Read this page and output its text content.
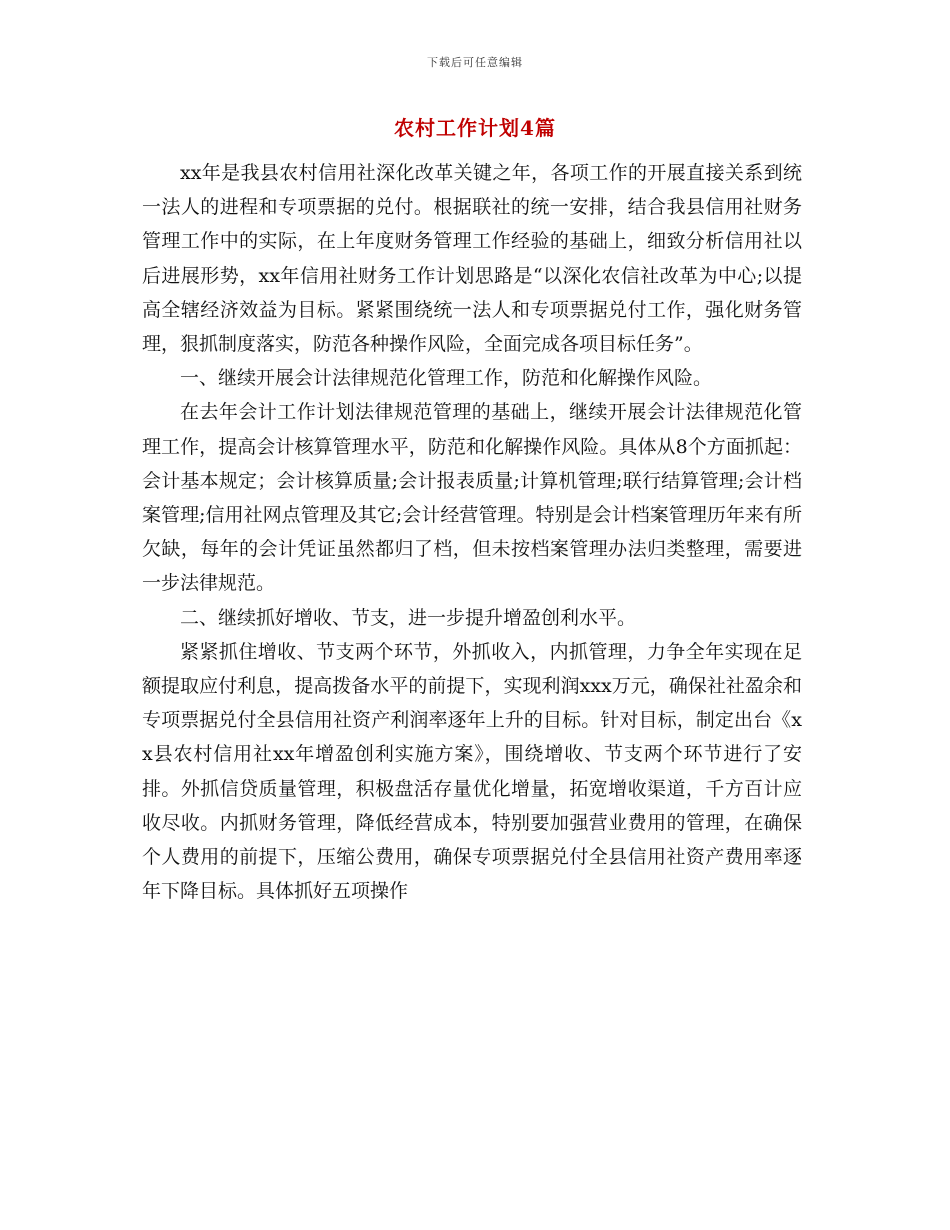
下载后可任意编辑
农村工作计划4篇

xx年是我县农村信用社深化改革关键之年，各项工作的开展直接关系到统一法人的进程和专项票据的兑付。根据联社的统一安排，结合我县信用社财务管理工作中的实际，在上年度财务管理工作经验的基础上，细致分析信用社以后进展形势，xx年信用社财务工作计划思路是“以深化农信社改革为中心;以提高全辖经济效益为目标。紧紧围绕统一法人和专项票据兑付工作，强化财务管理，狠抓制度落实，防范各种操作风险，全面完成各项目标任务”。

一、继续开展会计法律规范化管理工作，防范和化解操作风险。

在去年会计工作计划法律规范管理的基础上，继续开展会计法律规范化管理工作，提高会计核算管理水平，防范和化解操作风险。具体从8个方面抓起：会计基本规定；会计核算质量;会计报表质量;计算机管理;联行结算管理;会计档案管理;信用社网点管理及其它;会计经营管理。特别是会计档案管理历年来有所欠缺，每年的会计凭证虽然都归了档，但未按档案管理办法归类整理，需要进一步法律规范。

二、继续抓好增收、节支，进一步提升增盈创利水平。

紧紧抓住增收、节支两个环节，外抓收入，内抓管理，力争全年实现在足额提取应付利息，提高拨备水平的前提下，实现利润xxx万元，确保社社盈余和专项票据兑付全县信用社资产利润率逐年上升的目标。针对目标，制定出台《xx县农村信用社xx年增盈创利实施方案》，围绕增收、节支两个环节进行了安排。外抓信贷质量管理，积极盘活存量优化增量，拓宽增收渠道，千方百计应收尽收。内抓财务管理，降低经营成本，特别要加强营业费用的管理，在确保个人费用的前提下，压缩公费用，确保专项票据兑付全县信用社资产费用率逐年下降目标。具体抓好五项操作
